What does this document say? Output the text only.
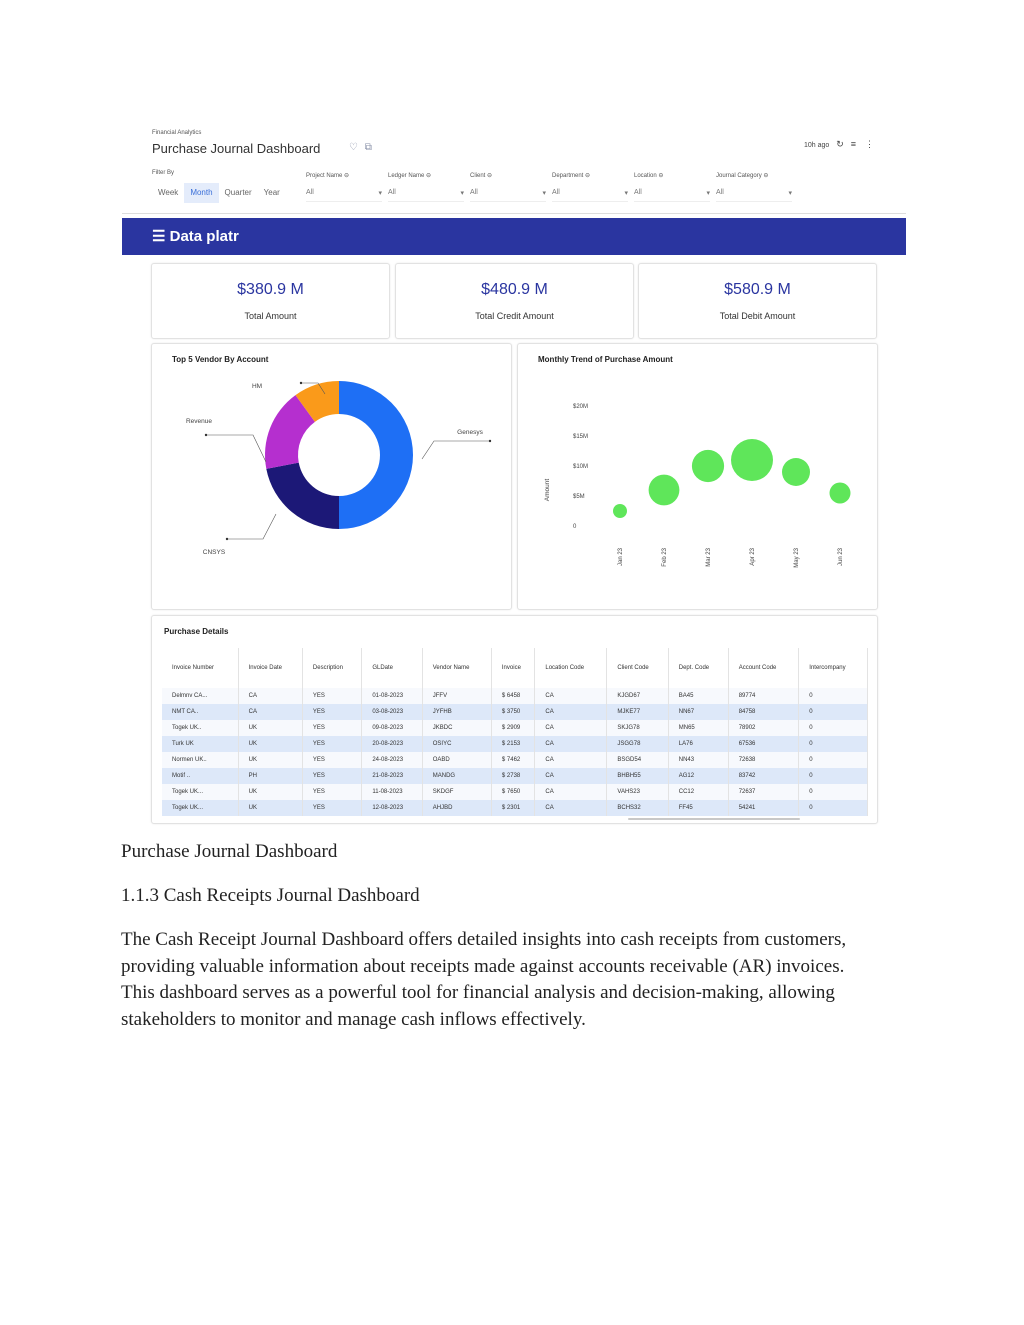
Financial Analytics
Purchase Journal Dashboard	♡ ⧉	10h ago ↻ ≡ ⋮
Filter By
Week	Month	Quarter	Year
Project Name ⊖
All	▾
Ledger Name ⊖
All	▾
Client ⊖
All	▾
Department ⊖
All	▾
Location ⊖
All	▾
Journal Category ⊖
All	▾
☰ Data platr
$380.9 M
Total Amount
$480.9 M
Total Credit Amount
$580.9 M
Total Debit Amount
Top 5 Vendor By Account
Genesys
CNSYS
Revenue
HM
Monthly Trend of Purchase Amount
$20M
$15M
$10M
$5M
0
Amount
Jan 23	Feb 23	Mar 23	Apr 23	May 23	Jun 23
Purchase Details
Invoice Number	Invoice Date	Description	GLDate	Vendor Name	Invoice	Location Code	Client Code	Dept. Code	Account Code	Intercompany
Delmnv CA...	CA	YES	01-08-2023	JFFV	$ 6458	CA	KJGD67	BA45	89774	0
NMT CA..	CA	YES	03-08-2023	JYFHB	$ 3750	CA	MJKE77	NN67	84758	0
Togek UK..	UK	YES	09-08-2023	JKBDC	$ 2909	CA	SKJG78	MN65	78902	0
Turk UK	UK	YES	20-08-2023	OSIYC	$ 2153	CA	JSGG78	LA76	67536	0
Normen UK..	UK	YES	24-08-2023	OABD	$ 7462	CA	BSGD54	NN43	72638	0
Motif ..	PH	YES	21-08-2023	MANDG	$ 2738	CA	BHBH55	AG12	83742	0
Togek UK...	UK	YES	11-08-2023	SKDGF	$ 7650	CA	VAHS23	CC12	72637	0
Togek UK...	UK	YES	12-08-2023	AHJBD	$ 2301	CA	BCHS32	FF45	54241	0
Purchase Journal Dashboard
1.1.3 Cash Receipts Journal Dashboard
The Cash Receipt Journal Dashboard offers detailed insights into cash receipts from customers,
providing valuable information about receipts made against accounts receivable (AR) invoices.
This dashboard serves as a powerful tool for financial analysis and decision-making, allowing
stakeholders to monitor and manage cash inflows effectively.
